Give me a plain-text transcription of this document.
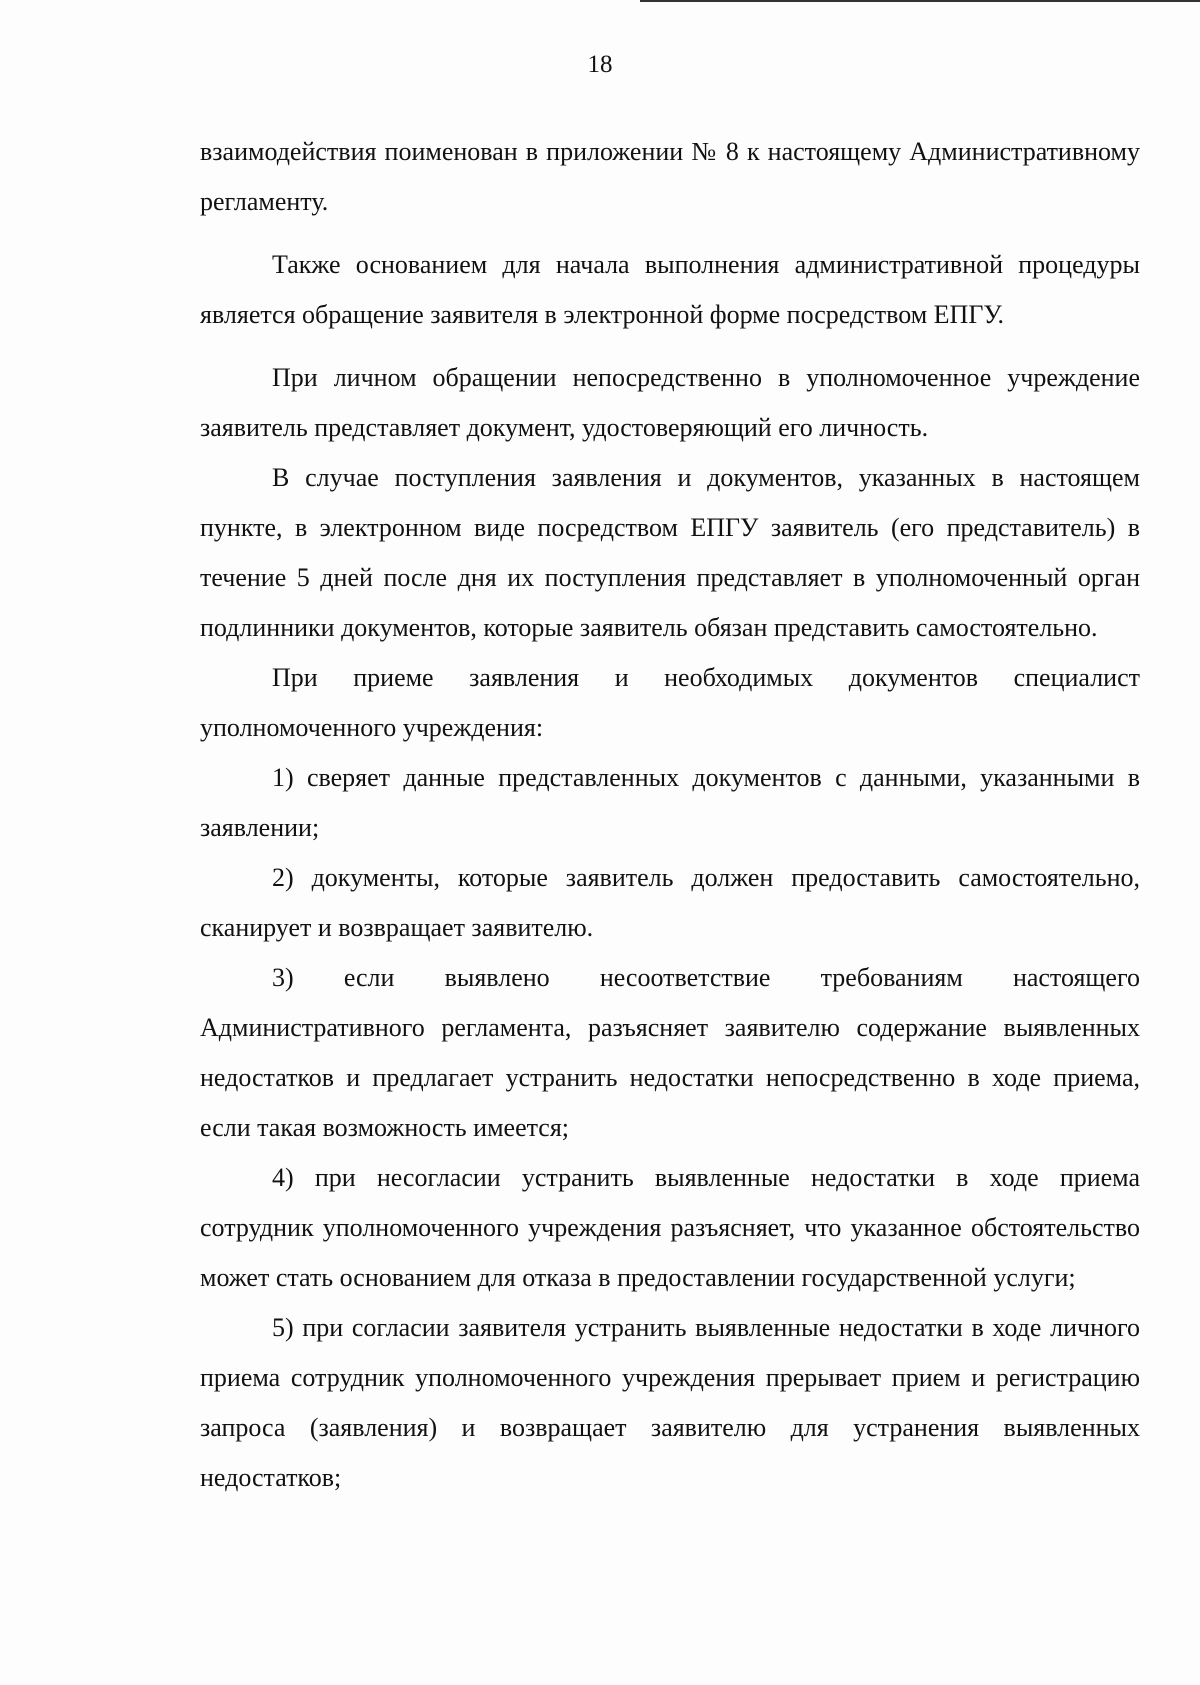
18

взаимодействия поименован в приложении № 8 к настоящему Административному регламенту.

Также основанием для начала выполнения административной процедуры является обращение заявителя в электронной форме посредством ЕПГУ.

При личном обращении непосредственно в уполномоченное учреждение заявитель представляет документ, удостоверяющий его личность.

В случае поступления заявления и документов, указанных в настоящем пункте, в электронном виде посредством ЕПГУ заявитель (его представитель) в течение 5 дней после дня их поступления представляет в уполномоченный орган подлинники документов, которые заявитель обязан представить самостоятельно.

При приеме заявления и необходимых документов специалист уполномоченного учреждения:

1) сверяет данные представленных документов с данными, указанными в заявлении;

2) документы, которые заявитель должен предоставить самостоятельно, сканирует и возвращает заявителю.

3) если выявлено несоответствие требованиям настоящего Административного регламента, разъясняет заявителю содержание выявленных недостатков и предлагает устранить недостатки непосредственно в ходе приема, если такая возможность имеется;

4) при несогласии устранить выявленные недостатки в ходе приема сотрудник уполномоченного учреждения разъясняет, что указанное обстоятельство может стать основанием для отказа в предоставлении государственной услуги;

5) при согласии заявителя устранить выявленные недостатки в ходе личного приема сотрудник уполномоченного учреждения прерывает прием и регистрацию запроса (заявления) и возвращает заявителю для устранения выявленных недостатков;
